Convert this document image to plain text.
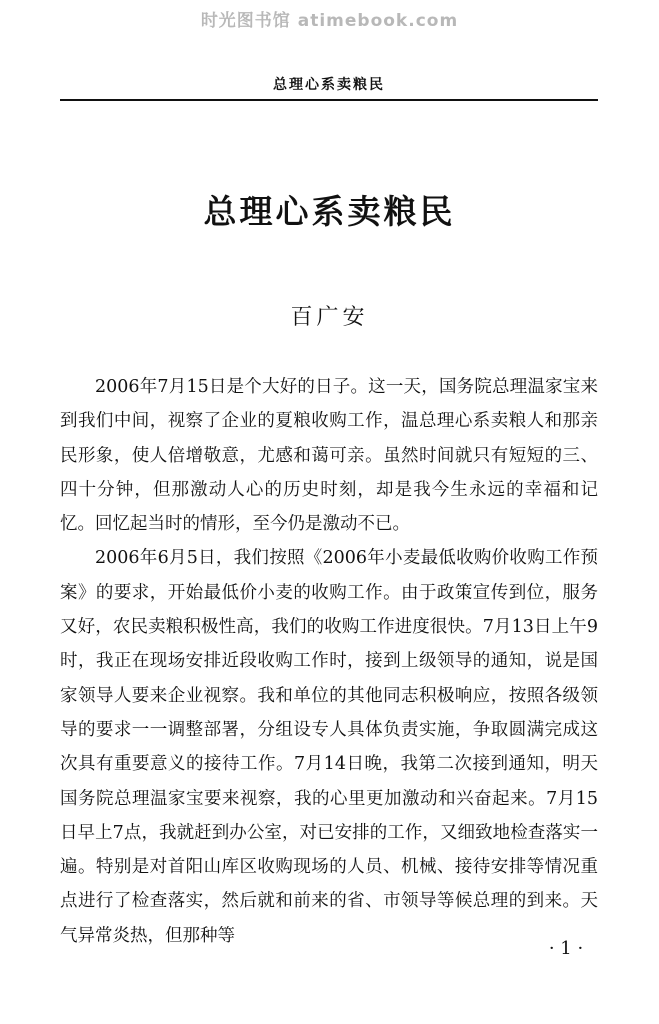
时光图书馆 atimebook.com
总理心系卖粮民
总理心系卖粮民
百广安

2006年7月15日是个大好的日子。这一天，国务院总理温家宝来到我们中间，视察了企业的夏粮收购工作，温总理心系卖粮人和那亲民形象，使人倍增敬意，尤感和蔼可亲。虽然时间就只有短短的三、四十分钟，但那激动人心的历史时刻，却是我今生永远的幸福和记忆。回忆起当时的情形，至今仍是激动不已。

2006年6月5日，我们按照《2006年小麦最低收购价收购工作预案》的要求，开始最低价小麦的收购工作。由于政策宣传到位，服务又好，农民卖粮积极性高，我们的收购工作进度很快。7月13日上午9时，我正在现场安排近段收购工作时，接到上级领导的通知，说是国家领导人要来企业视察。我和单位的其他同志积极响应，按照各级领导的要求一一调整部署，分组设专人具体负责实施，争取圆满完成这次具有重要意义的接待工作。7月14日晚，我第二次接到通知，明天国务院总理温家宝要来视察，我的心里更加激动和兴奋起来。7月15日早上7点，我就赶到办公室，对已安排的工作，又细致地检查落实一遍。特别是对首阳山库区收购现场的人员、机械、接待安排等情况重点进行了检查落实，然后就和前来的省、市领导等候总理的到来。天气异常炎热，但那种等

· 1 ·
